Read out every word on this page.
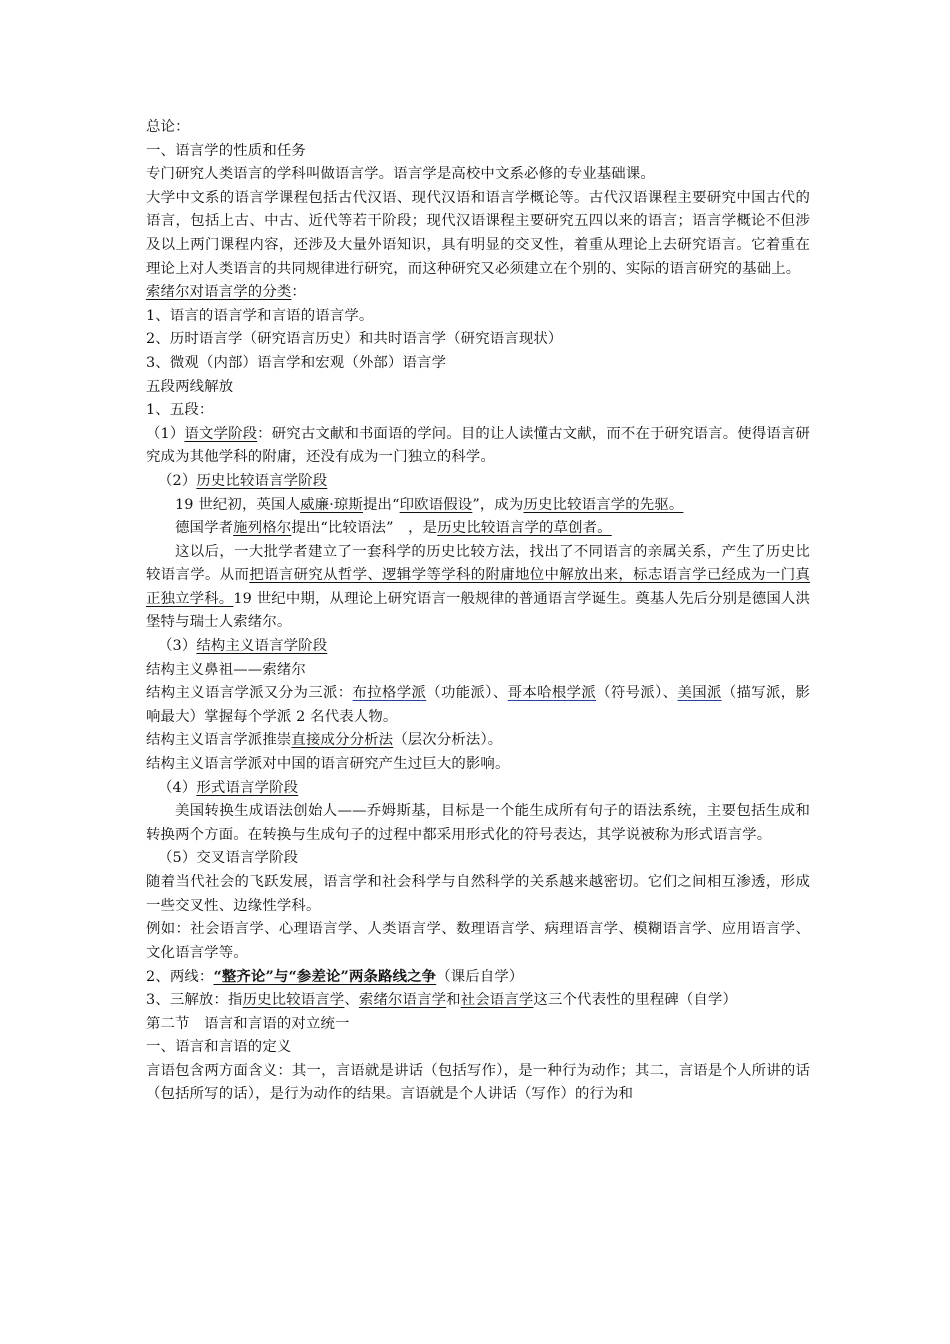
总论：
一、语言学的性质和任务
专门研究人类语言的学科叫做语言学。语言学是高校中文系必修的专业基础课。
大学中文系的语言学课程包括古代汉语、现代汉语和语言学概论等。古代汉语课程主要研究中国古代的语言，包括上古、中古、近代等若干阶段；现代汉语课程主要研究五四以来的语言；语言学概论不但涉及以上两门课程内容，还涉及大量外语知识，具有明显的交叉性，着重从理论上去研究语言。它着重在理论上对人类语言的共同规律进行研究，而这种研究又必须建立在个别的、实际的语言研究的基础上。
索绪尔对语言学的分类：
1、语言的语言学和言语的语言学。
2、历时语言学（研究语言历史）和共时语言学（研究语言现状）
3、微观（内部）语言学和宏观（外部）语言学
五段两线解放
1、五段：
（1）语文学阶段：研究古文献和书面语的学问。目的让人读懂古文献，而不在于研究语言。使得语言研究成为其他学科的附庸，还没有成为一门独立的科学。
（2）历史比较语言学阶段
19 世纪初，英国人威廉·琼斯提出“印欧语假设”，成为历史比较语言学的先驱。
德国学者施列格尔提出“比较语法”　，是历史比较语言学的草创者。
这以后，一大批学者建立了一套科学的历史比较方法，找出了不同语言的亲属关系，产生了历史比较语言学。从而把语言研究从哲学、逻辑学等学科的附庸地位中解放出来，标志语言学已经成为一门真正独立学科。19 世纪中期，从理论上研究语言一般规律的普通语言学诞生。奠基人先后分别是德国人洪堡特与瑞士人索绪尔。
（3）结构主义语言学阶段
结构主义鼻祖——索绪尔
结构主义语言学派又分为三派：布拉格学派（功能派）、哥本哈根学派（符号派）、美国派（描写派，影响最大）掌握每个学派 2 名代表人物。
结构主义语言学派推崇直接成分分析法（层次分析法）。
结构主义语言学派对中国的语言研究产生过巨大的影响。
（4）形式语言学阶段
美国转换生成语法创始人——乔姆斯基，目标是一个能生成所有句子的语法系统，主要包括生成和转换两个方面。在转换与生成句子的过程中都采用形式化的符号表达，其学说被称为形式语言学。
（5）交叉语言学阶段
随着当代社会的飞跃发展，语言学和社会科学与自然科学的关系越来越密切。它们之间相互渗透，形成一些交叉性、边缘性学科。
例如：社会语言学、心理语言学、人类语言学、数理语言学、病理语言学、模糊语言学、应用语言学、文化语言学等。
2、两线：“整齐论”与“参差论”两条路线之争（课后自学）
3、三解放：指历史比较语言学、索绪尔语言学和社会语言学这三个代表性的里程碑（自学）
第二节　语言和言语的对立统一
一、语言和言语的定义
言语包含两方面含义：其一，言语就是讲话（包括写作），是一种行为动作；其二，言语是个人所讲的话（包括所写的话），是行为动作的结果。言语就是个人讲话（写作）的行为和
